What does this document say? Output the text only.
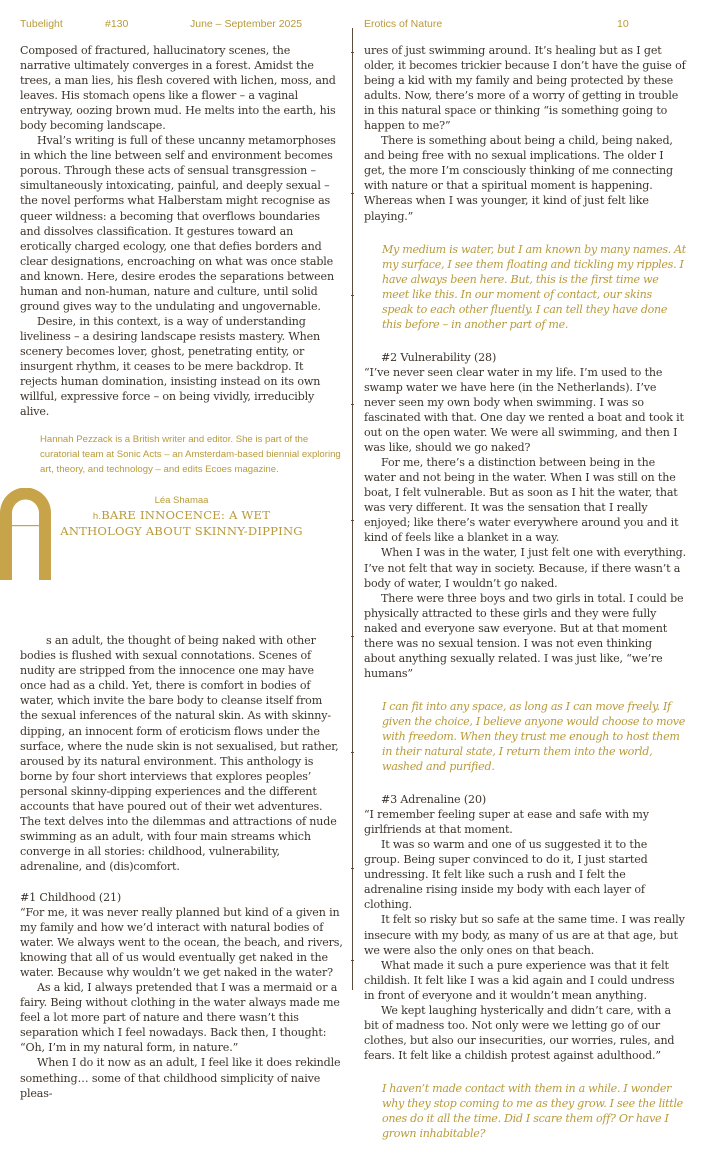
Tubelight	#130	June – September 2025	Erotics of Nature	10

Composed of fractured, hallucinatory scenes, the narrative ultimately converges in a forest. Amidst the trees, a man lies, his flesh covered with lichen, moss, and leaves. His stomach opens like a flower – a vaginal entryway, oozing brown mud. He melts into the earth, his body becoming landscape.

Hval’s writing is full of these uncanny metamorphoses in which the line between self and environment becomes porous. Through these acts of sensual transgression – simultaneously intoxicating, painful, and deeply sexual – the novel performs what Halberstam might recognise as queer wildness: a becoming that overflows boundaries and dissolves classification. It gestures toward an erotically charged ecology, one that defies borders and clear designations, encroaching on what was once stable and known. Here, desire erodes the separations between human and non-human, nature and culture, until solid ground gives way to the undulating and ungovernable.

Desire, in this context, is a way of understanding liveliness – a desiring landscape resists mastery. When scenery becomes lover, ghost, penetrating entity, or insurgent rhythm, it ceases to be mere backdrop. It rejects human domination, insisting instead on its own willful, expressive force – on being vividly, irreducibly alive.

Hannah Pezzack is a British writer and editor. She is part of the curatorial team at Sonic Acts – an Amsterdam-based biennial exploring art, theory, and technology – and edits Ecoes magazine.

Léa Shamaa

h.BARE INNOCENCE: A WET
ANTHOLOGY ABOUT SKINNY-DIPPING

s an adult, the thought of being naked with other bodies is flushed with sexual connotations. Scenes of nudity are stripped from the innocence one may have once had as a child. Yet, there is comfort in bodies of water, which invite the bare body to cleanse itself from the sexual inferences of the natural skin. As with skinny-dipping, an innocent form of eroticism flows under the surface, where the nude skin is not sexualised, but rather, aroused by its natural environment. This anthology is borne by four short interviews that explores peoples’ personal skinny-dipping experiences and the different accounts that have poured out of their wet adventures. The text delves into the dilemmas and attractions of nude swimming as an adult, with four main streams which converge in all stories: childhood, vulnerability, adrenaline, and (dis)comfort.

#1 Childhood (21)

“For me, it was never really planned but kind of a given in my family and how we’d interact with natural bodies of water. We always went to the ocean, the beach, and rivers, knowing that all of us would eventually get naked in the water. Because why wouldn’t we get naked in the water?

As a kid, I always pretended that I was a mermaid or a fairy. Being without clothing in the water always made me feel a lot more part of nature and there wasn’t this separation which I feel nowadays. Back then, I thought: “Oh, I’m in my natural form, in nature.”

When I do it now as an adult, I feel like it does rekindle something… some of that childhood simplicity of naive pleas-

ures of just swimming around. It’s healing but as I get older, it becomes trickier because I don’t have the guise of being a kid with my family and being protected by these adults. Now, there’s more of a worry of getting in trouble in this natural space or thinking “is something going to happen to me?”

There is something about being a child, being naked, and being free with no sexual implications. The older I get, the more I’m consciously thinking of me connecting with nature or that a spiritual moment is happening. Whereas when I was younger, it kind of just felt like playing.”

My medium is water, but I am known by many names. At my surface, I see them floating and tickling my ripples. I have always been here. But, this is the first time we meet like this. In our moment of contact, our skins speak to each other fluently. I can tell they have done this before – in another part of me.

#2 Vulnerability (28)

“I’ve never seen clear water in my life. I’m used to the swamp water we have here (in the Netherlands). I’ve never seen my own body when swimming. I was so fascinated with that. One day we rented a boat and took it out on the open water. We were all swimming, and then I was like, should we go naked?

For me, there’s a distinction between being in the water and not being in the water. When I was still on the boat, I felt vulnerable. But as soon as I hit the water, that was very different. It was the sensation that I really enjoyed; like there’s water everywhere around you and it kind of feels like a blanket in a way.

When I was in the water, I just felt one with everything. I’ve not felt that way in society. Because, if there wasn’t a body of water, I wouldn’t go naked.

There were three boys and two girls in total. I could be physically attracted to these girls and they were fully naked and everyone saw everyone. But at that moment there was no sexual tension. I was not even thinking about anything sexually related. I was just like, “we’re humans”

I can fit into any space, as long as I can move freely. If given the choice, I believe anyone would choose to move with freedom. When they trust me enough to host them in their natural state, I return them into the world, washed and purified.

#3 Adrenaline (20)

“I remember feeling super at ease and safe with my girlfriends at that moment.

It was so warm and one of us suggested it to the group. Being super convinced to do it, I just started undressing. It felt like such a rush and I felt the adrenaline rising inside my body with each layer of clothing.

It felt so risky but so safe at the same time. I was really insecure with my body, as many of us are at that age, but we were also the only ones on that beach.

What made it such a pure experience was that it felt childish. It felt like I was a kid again and I could undress in front of everyone and it wouldn’t mean anything.

We kept laughing hysterically and didn’t care, with a bit of madness too. Not only were we letting go of our clothes, but also our insecurities, our worries, rules, and fears. It felt like a childish protest against adulthood.”

I haven’t made contact with them in a while. I wonder why they stop coming to me as they grow. I see the little ones do it all the time. Did I scare them off? Or have I grown inhabitable?
